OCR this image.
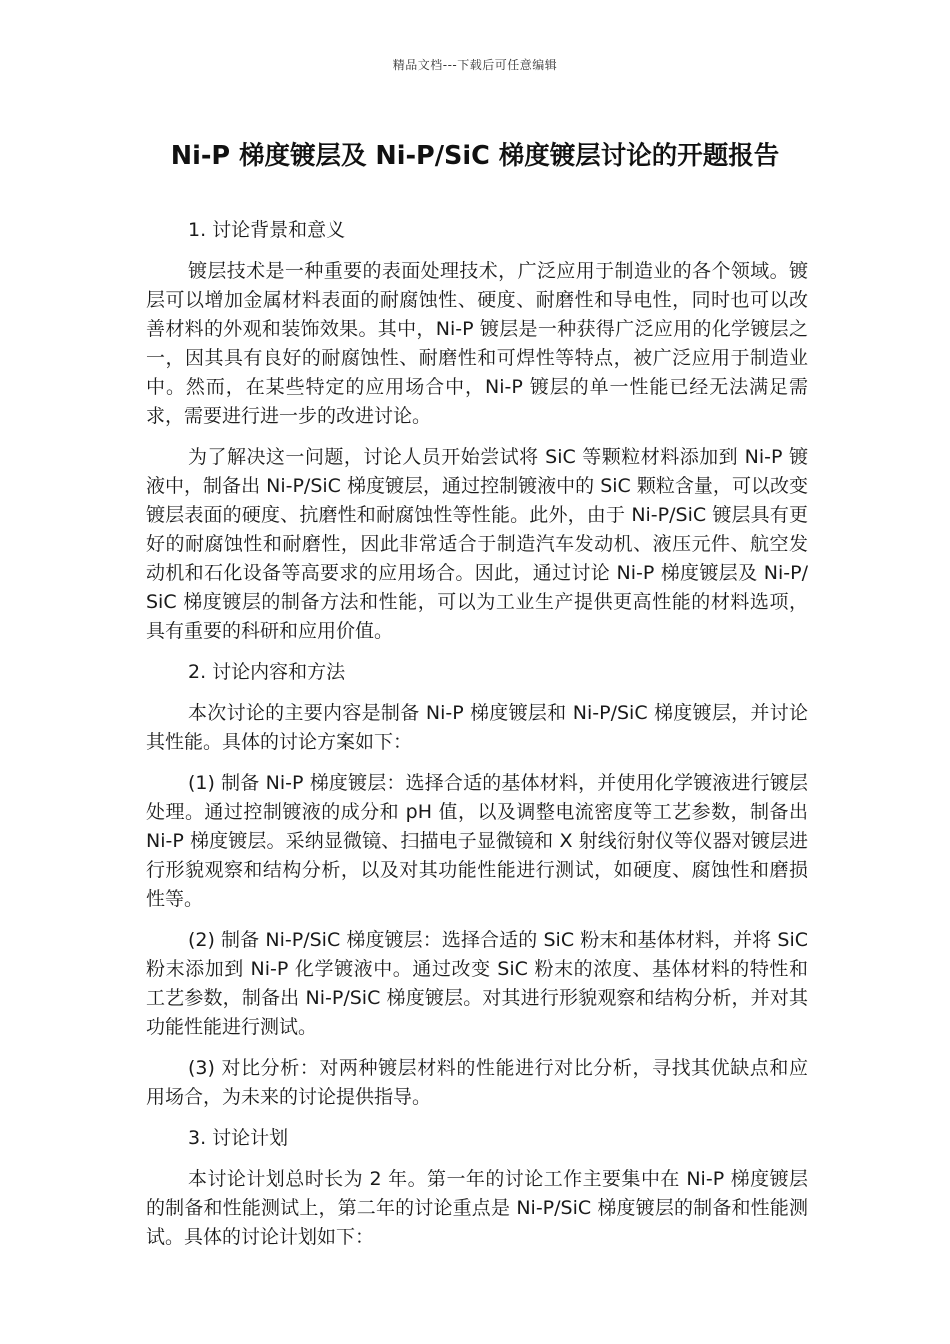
精品文档---下载后可任意编辑
Ni-P 梯度镀层及 Ni-P/SiC 梯度镀层讨论的开题报告

1. 讨论背景和意义

镀层技术是一种重要的表面处理技术，广泛应用于制造业的各个领域。镀层可以增加金属材料表面的耐腐蚀性、硬度、耐磨性和导电性，同时也可以改善材料的外观和装饰效果。其中，Ni-P 镀层是一种获得广泛应用的化学镀层之一，因其具有良好的耐腐蚀性、耐磨性和可焊性等特点，被广泛应用于制造业中。然而，在某些特定的应用场合中，Ni-P 镀层的单一性能已经无法满足需求，需要进行进一步的改进讨论。

为了解决这一问题，讨论人员开始尝试将 SiC 等颗粒材料添加到 Ni-P 镀液中，制备出 Ni-P/SiC 梯度镀层，通过控制镀液中的 SiC 颗粒含量，可以改变镀层表面的硬度、抗磨性和耐腐蚀性等性能。此外，由于 Ni-P/SiC 镀层具有更好的耐腐蚀性和耐磨性，因此非常适合于制造汽车发动机、液压元件、航空发动机和石化设备等高要求的应用场合。因此，通过讨论 Ni-P 梯度镀层及 Ni-P/SiC 梯度镀层的制备方法和性能，可以为工业生产提供更高性能的材料选项，具有重要的科研和应用价值。

2. 讨论内容和方法

本次讨论的主要内容是制备 Ni-P 梯度镀层和 Ni-P/SiC 梯度镀层，并讨论其性能。具体的讨论方案如下：

(1) 制备 Ni-P 梯度镀层：选择合适的基体材料，并使用化学镀液进行镀层处理。通过控制镀液的成分和 pH 值，以及调整电流密度等工艺参数，制备出 Ni-P 梯度镀层。采纳显微镜、扫描电子显微镜和 X 射线衍射仪等仪器对镀层进行形貌观察和结构分析，以及对其功能性能进行测试，如硬度、腐蚀性和磨损性等。

(2) 制备 Ni-P/SiC 梯度镀层：选择合适的 SiC 粉末和基体材料，并将 SiC 粉末添加到 Ni-P 化学镀液中。通过改变 SiC 粉末的浓度、基体材料的特性和工艺参数，制备出 Ni-P/SiC 梯度镀层。对其进行形貌观察和结构分析，并对其功能性能进行测试。

(3) 对比分析：对两种镀层材料的性能进行对比分析，寻找其优缺点和应用场合，为未来的讨论提供指导。

3. 讨论计划

本讨论计划总时长为 2 年。第一年的讨论工作主要集中在 Ni-P 梯度镀层的制备和性能测试上，第二年的讨论重点是 Ni-P/SiC 梯度镀层的制备和性能测试。具体的讨论计划如下：
